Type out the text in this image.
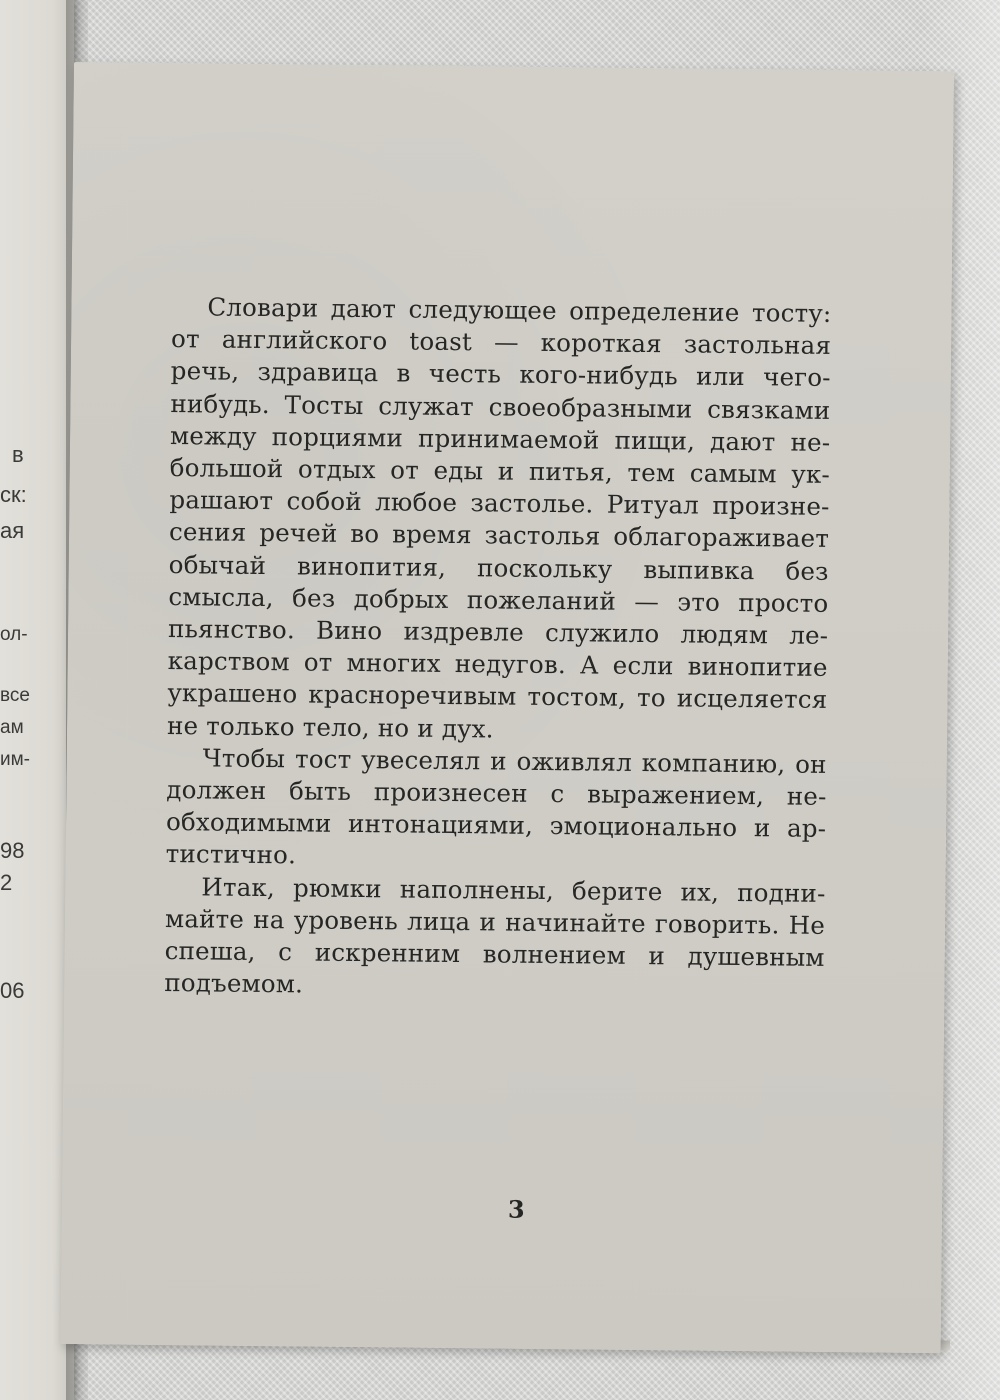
в
ск:
ая
ол-
все
ам
им-
98
2
06

Словари дают следующее определение тосту: от английского toast — короткая застольная речь, здравица в честь кого-нибудь или чего-нибудь. Тосты служат своеобразными связками между порциями принимаемой пищи, дают небольшой отдых от еды и питья, тем самым украшают собой любое застолье. Ритуал произнесения речей во время застолья облагораживает обычай винопития, поскольку выпивка без смысла, без добрых пожеланий — это просто пьянство. Вино издревле служило людям лекарством от многих недугов. А если винопитие украшено красноречивым тостом, то исцеляется не только тело, но и дух.

Чтобы тост увеселял и оживлял компанию, он должен быть произнесен с выражением, необходимыми интонациями, эмоционально и артистично.

Итак, рюмки наполнены, берите их, поднимайте на уровень лица и начинайте говорить. Не спеша, с искренним волнением и душевным подъемом.

3
